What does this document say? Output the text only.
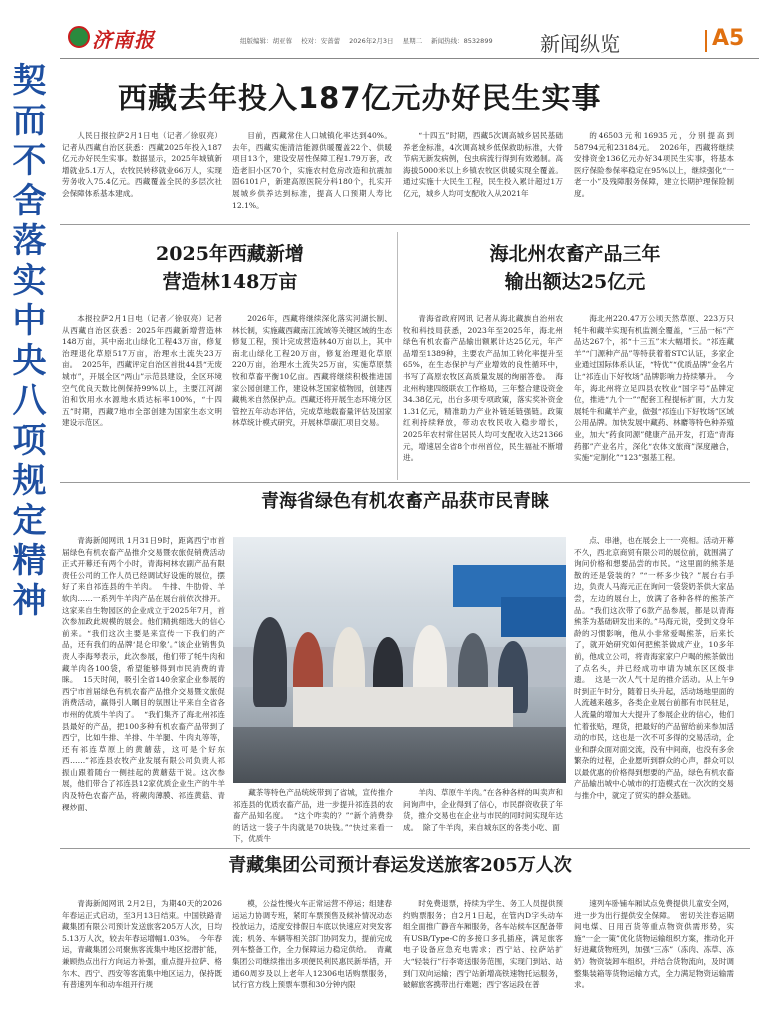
济南报	组版编辑：胡亚蓉 校对：安蔷蕾 2026年2月3日 星期二 新闻热线：8532899	新闻纵览	A5
契而不舍落实中央八项规定精神 西藏去年投入187亿元办好民生实事

人民日报拉萨2月1日电（记者／徐驭亮）记者从西藏自治区获悉：西藏2025年投入187亿元办好民生实事。数据显示，2025年城镇新增就业5.1万人，农牧民转移就业66万人，实现劳务收入75.4亿元。西藏覆盖全民的多层次社会保障体系基本建成。

目前，西藏常住人口城镇化率达到40%。去年，西藏实施清洁能源供暖覆盖22个、供暖项目13个，建设安居性保障工程1.79万套，改造老旧小区70个，实施农村危房改造和抗震加固6101户，新建高原医院分科180个，扎实开展城乡供养达到标准，提高人口预期人寿比12.1%。

“十四五”时期，西藏5次调高城乡居民基础养老金标准，4次调高城乡低保救助标准，大骨节病无新发病例，包虫病流行得到有效遏制。高海拔5000米以上乡镇农牧区供暖实现全覆盖。通过实施十大民生工程，民生投入累计超过1万亿元，城乡人均可支配收入从2021年

的46503元和16935元，分别提高到58794元和23184元。  2026年，西藏将继续安排资金136亿元办好34项民生实事，将基本医疗保险参保率稳定在95%以上，继续强化“一老一小”及残障服务保障，建立长期护理保险制度。

2025年西藏新增
营造林148万亩

本报拉萨2月1日电（记者／徐驭亮）记者从西藏自治区获悉：2025年西藏新增营造林148万亩，其中南北山绿化工程43万亩，修复治理退化草原517万亩，治理水土流失23万亩。  2025年，西藏评定自治区首批44县“无废城市”，开展全区“两山”示范县建设，全区环境空气优良天数比例保持99%以上，主要江河湖泊和饮用水水源地水质达标率100%，“十四五”时期，西藏7地市全部创建为国家生态文明建设示范区。

2026年，西藏将继续深化落实河湖长制、林长制，实施藏西藏南江流域等关键区域的生态修复工程，预计完成营造林40万亩以上，其中南北山绿化工程20万亩，修复治理退化草原220万亩，治理水土流失25万亩，实施草原禁牧和草畜平衡10亿亩。西藏将继续积极推进国家公园创建工作，建设林芝国家植物园，创建西藏桃米自然保护点。西藏还将开展生态环境分区管控五年动态评估，完成草地载畜量评估及国家林草统计模式研究，开展林草碳汇项目交易。

海北州农畜产品三年
输出额达25亿元

青海省政府网讯 记者从海北藏族自治州农牧和科技局获悉，2023年至2025年，海北州绿色有机农畜产品输出额累计达25亿元，年产品增至1389种，主要农产品加工转化率提升至65%，在生态保护与产业增效的良性循环中，书写了高原农牧区高质量发展的绚丽答卷。  海北州构建四级联农工作格局，三年整合建设资金34.38亿元，出台多项专项政策，落实奖补资金1.31亿元，精准助力产业补链延链强链。政策红利持续释放，带动农牧民收入稳步增长，2025年农村常住居民人均可支配收入达21366元，增速居全省8个市州首位，民生福祉不断增进。

海北州220.47万公顷天然草原、223万只牦牛和藏羊实现有机监测全覆盖，“三品一标”产品达267个，祁“十三五”末大幅增长。“祁连藏羊”“门源种产品”等特获着着STC认证，多家企业通过国际体系认证，“特优”“优质品牌”金名片让“祁连山下好牧场”品牌影响力持续攀升。  今年，海北州将立足四县农牧业“国字号”品牌定位，推进“九个一”“配套工程提标扩面，大力发展牦牛和藏羊产业，做强“祁连山下好牧场”区域公用品牌。加快发展中藏药、林麝等特色种养殖业，加大“药食同源”健康产品开发，打造“青海药都”产业名片，深化“农体文旅商”深度融合，实施“定制化”“123”强基工程。

青海省绿色有机农畜产品获市民青睐

青海新闻网讯 1月31日9时，距离西宁市首届绿色有机农畜产品推介交易暨农旅促销费活动正式开幕还有两个小时，青海柯林农副产品有限责任公司的工作人员已经调试好设施的展位，摆好了来自祁连县的牛羊肉。  牛排、牛肋骨、羊软肉……一系列牛羊肉产品在展台前依次排开。这家来自生物园区的企业成立于2025年7月，首次参加政此规模的展会。他们精挑细选大的信心前来。“我们这次主要是来宣传一下我们的产品，还有我们的品牌‘昆仑印象’。”该企业销售负责人李海琴表示，此次参展，他们带了牦牛肉和藏羊肉各100袋，希望能够得到市民消费的青睐。  15天时间，吸引全省140余家企业参展的西宁市首届绿色有机农畜产品推介交易暨文旅促消费活动，赢得引人瞩目的氛围让平来自全省各市州的优质牛羊肉了。  “我们集齐了海北州祁连县最好的产品，把100多种有机农畜产品带到了西宁，比如牛排、羊排、牛羊腿、牛肉丸等等，还有祁连草原上的黄蘑菇，这可是个好东西……”祁连县农牧产业发展有限公司负责人祁振山跟着随台一侧挂起的黄蘑菇干说。这次参展，他们带合了祁连县12家优质企业生产的牛羊肉及特色农畜产品，将蕨肉薄膜、祁连黄菇、青稞炒面、

藏茶等特色产品统统带到了省城，宣传推介祁连县的优质农畜产品，进一步提升祁连县的农畜产品知名度。  “这个咋卖的？”“新个消费券的话这一袋子牛肉就是70块钱。”“快过来看一下，优质牛

羊肉、草原牛羊肉。”在各种各样的叫卖声和问询声中，企业得到了信心，市民群资收获了年货，推介交易也在企业与市民的同时间实现年达成。  除了牛羊肉，来自城东区的各类小吃、面

点、串港，也在展会上一一亮相。活动开幕不久，西北京商贸有限公司的展位前，就围满了询问价格和想要品尝的市民。“这里面的熊茶是散的还是袋装的？”“一杯多少钱？”展台右手边，负责人马海元正在询问一袋袋奶茶供大家品尝，左边的展台上，放满了各种各样的熊茶产品。“我们这次带了6款产品参展，都是以青海熊茶为基础研发出来的。”马海元说，受到文身年龄的习惯影响，他从小非常爱喝熊茶，后来长了，就开始研究如何把熊茶做成产业，10多年前，他成立公司，将青海家家户户喝的熊茶做出了点名头，并已经成功申请为城东区区级非遗。  这是一次人气十足的推介活动。从上午9时到正午时分，随着日头升起，活动场地里面的人流越来越多，各类企业展台前都有市民驻足，人流量的增加大大提升了参展企业的信心，他们忙着张贴，理货，把最好的产品留给前来参加活动的市民，这也是一次不可多得的交易活动，企业和群众面对面交流，没有中间商，也没有多余繁杂的过程，企业愿听到群众的心声，群众可以以最优惠的价格得到想要的产品，绿色有机农畜产品输出城中心城市的打造模式在一次次的交易与推介中，就定了贸实的群众基础。

青藏集团公司预计春运发送旅客205万人次

青海新闻网讯 2月2日，为期40天的2026年春运正式启动，至3月13日结束。中国铁路青藏集团有限公司预计发送旅客205万人次，日均5.13万人次，较去年春运增幅1.03%。  今年春运，青藏集团公司聚焦客流集中地区挖潜扩能，兼顾热点出行方向运力补强，重点提升拉萨、格尔木、西宁、西安等客流集中地区运力，保持既有普速列车和动车组开行规

模，公益性慢火车正常运营不停运；组建春运运力协调专班，紧盯车票预售及候补情况动态投放运力，适度安排假日车底以快速应对突发客流；机务、车辆等相关部门协同发力，提前完成列车整备工作，全力保障运力稳定供给。  青藏集团公司继续推出多项便民利民惠民新举措，开通60周岁及以上老年人12306电话购票服务，试行官方线上预票车票和30分钟内限

时免费退票，持续为学生、务工人员提供预约购票服务；自2月1日起，在管内D字头动车组全面推广静音车厢服务，各车站候车区配备带有USB/Type-C的多接口多孔插座，满足旅客电子设备应急充电需求；西宁站、拉萨站扩大“轻装行”行李寄送服务范围，实现门到站、站到门双向运输；西宁站新增高铁速物托运服务，破解旅客携带出行难题；西宁客运段在普

速列车卧铺车厢试点免费提供儿童安全网，进一步为出行提供安全保障。  密切关注春运期间电煤、日用百货等重点物资供需形势，实施“一企一策”优化货物运输组织方案，推动化开好进藏货物班列，加强“三冻”（冻肉、冻草、冻奶）物资装卸车组织，并结合货物流向，及时调整集装箱等货物运输方式，全力满足物资运输需求。
